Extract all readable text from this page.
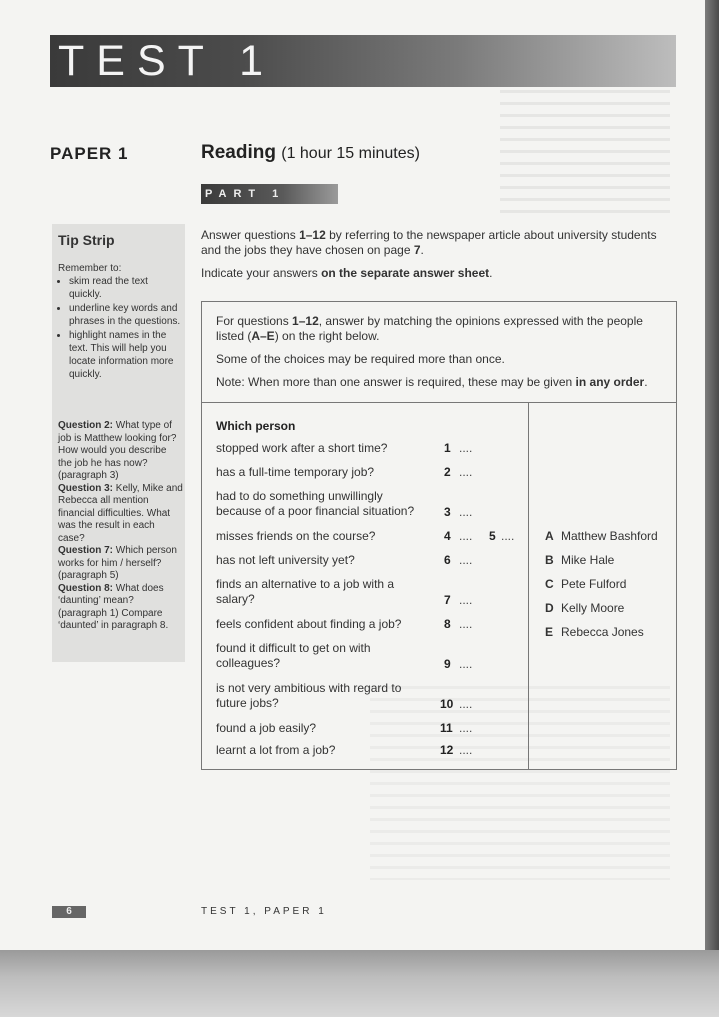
TEST 1
PAPER 1	Reading (1 hour 15 minutes)
PART 1
Tip Strip
Remember to:
• skim read the text quickly.
• underline key words and phrases in the questions.
• highlight names in the text. This will help you locate information more quickly.

Question 2: What type of job is Matthew looking for? How would you describe the job he has now? (paragraph 3)

Question 3: Kelly, Mike and Rebecca all mention financial difficulties. What was the result in each case?

Question 7: Which person works for him / herself? (paragraph 5)

Question 8: What does ‘daunting’ mean? (paragraph 1) Compare ‘daunted’ in paragraph 8.

Answer questions 1–12 by referring to the newspaper article about university students and the jobs they have chosen on page 7.

Indicate your answers on the separate answer sheet.

For questions 1–12, answer by matching the opinions expressed with the people listed (A–E) on the right below.

Some of the choices may be required more than once.

Note: When more than one answer is required, these may be given in any order.

Which person
stopped work after a short time?	1 ....
has a full-time temporary job?	2 ....
had to do something unwillingly because of a poor financial situation?	3 ....
misses friends on the course?	4 .... 5 ....
has not left university yet?	6 ....
finds an alternative to a job with a salary?	7 ....
feels confident about finding a job?	8 ....
found it difficult to get on with colleagues?	9 ....
is not very ambitious with regard to future jobs?	10 ....
found a job easily?	11 ....
learnt a lot from a job?	12 ....
A Matthew Bashford
B Mike Hale
C Pete Fulford
D Kelly Moore
E Rebecca Jones
6	TEST 1, PAPER 1
